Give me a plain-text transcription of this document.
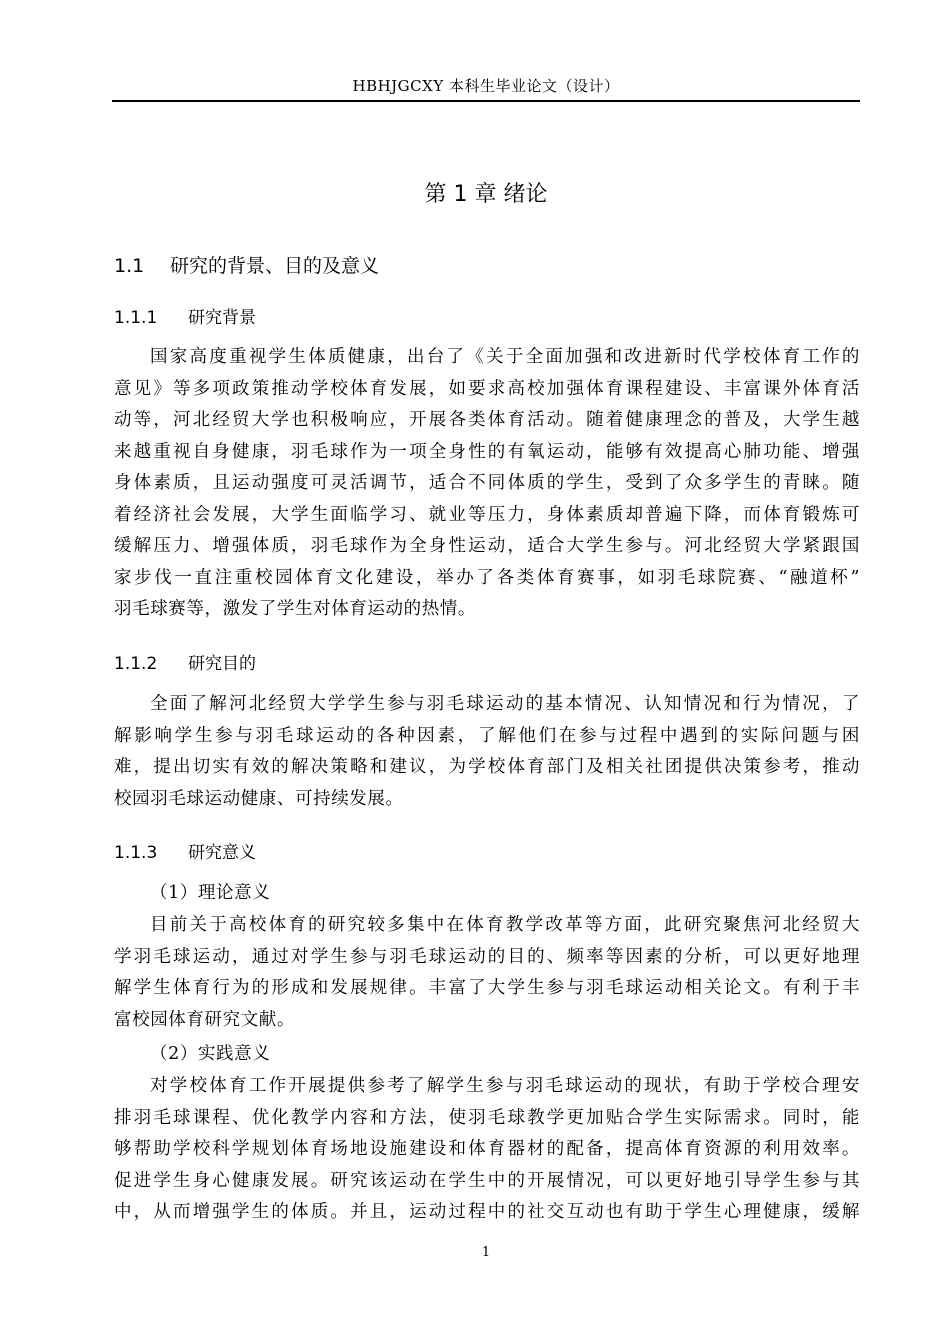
HBHJGCXY 本科生毕业论文（设计）
第 1 章 绪论
1.1 研究的背景、目的及意义
1.1.1 研究背景
国家高度重视学生体质健康，出台了《关于全面加强和改进新时代学校体育工作的
意见》等多项政策推动学校体育发展，如要求高校加强体育课程建设、丰富课外体育活
动等，河北经贸大学也积极响应，开展各类体育活动。随着健康理念的普及，大学生越
来越重视自身健康，羽毛球作为一项全身性的有氧运动，能够有效提高心肺功能、增强
身体素质，且运动强度可灵活调节，适合不同体质的学生，受到了众多学生的青睐。随
着经济社会发展，大学生面临学习、就业等压力，身体素质却普遍下降，而体育锻炼可
缓解压力、增强体质，羽毛球作为全身性运动，适合大学生参与。河北经贸大学紧跟国
家步伐一直注重校园体育文化建设，举办了各类体育赛事，如羽毛球院赛、“融道杯”
羽毛球赛等，激发了学生对体育运动的热情。
1.1.2 研究目的
全面了解河北经贸大学学生参与羽毛球运动的基本情况、认知情况和行为情况，了
解影响学生参与羽毛球运动的各种因素，了解他们在参与过程中遇到的实际问题与困
难，提出切实有效的解决策略和建议，为学校体育部门及相关社团提供决策参考，推动
校园羽毛球运动健康、可持续发展。
1.1.3 研究意义
（1）理论意义
目前关于高校体育的研究较多集中在体育教学改革等方面，此研究聚焦河北经贸大
学羽毛球运动，通过对学生参与羽毛球运动的目的、频率等因素的分析，可以更好地理
解学生体育行为的形成和发展规律。丰富了大学生参与羽毛球运动相关论文。有利于丰
富校园体育研究文献。
（2）实践意义
对学校体育工作开展提供参考了解学生参与羽毛球运动的现状，有助于学校合理安
排羽毛球课程、优化教学内容和方法，使羽毛球教学更加贴合学生实际需求。同时，能
够帮助学校科学规划体育场地设施建设和体育器材的配备，提高体育资源的利用效率。
促进学生身心健康发展。研究该运动在学生中的开展情况，可以更好地引导学生参与其
中，从而增强学生的体质。并且，运动过程中的社交互动也有助于学生心理健康，缓解
1
